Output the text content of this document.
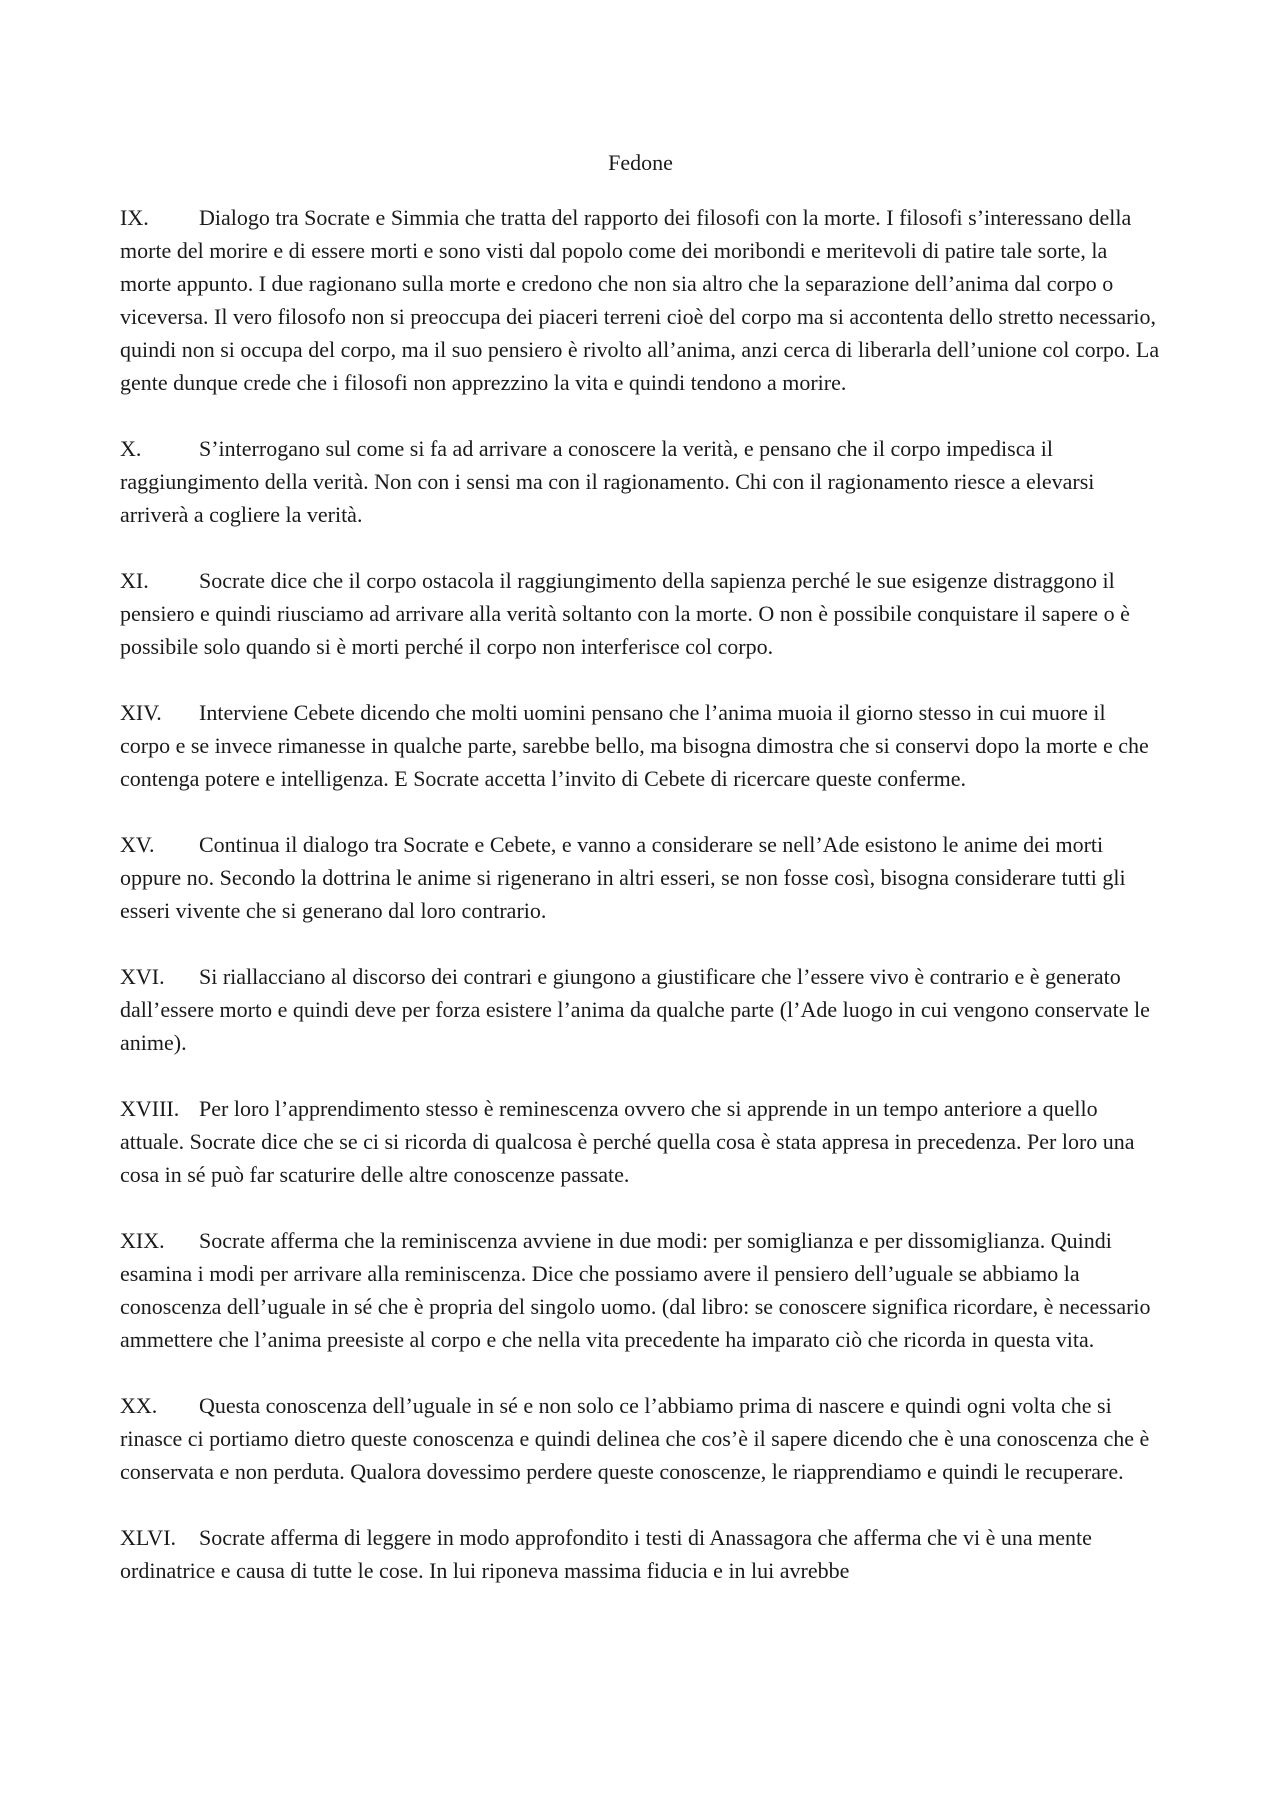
Fedone

IX. Dialogo tra Socrate e Simmia che tratta del rapporto dei filosofi con la morte. I filosofi s’interessano della morte del morire e di essere morti e sono visti dal popolo come dei moribondi e meritevoli di patire tale sorte, la morte appunto. I due ragionano sulla morte e credono che non sia altro che la separazione dell’anima dal corpo o viceversa. Il vero filosofo non si preoccupa dei piaceri terreni cioè del corpo ma si accontenta dello stretto necessario, quindi non si occupa del corpo, ma il suo pensiero è rivolto all’anima, anzi cerca di liberarla dell’unione col corpo. La gente dunque crede che i filosofi non apprezzino la vita e quindi tendono a morire.

X.	S’interrogano sul come si fa ad arrivare a conoscere la verità, e pensano che il corpo impedisca il raggiungimento della verità. Non con i sensi ma con il ragionamento. Chi con il ragionamento riesce a elevarsi arriverà a cogliere la verità.

XI. Socrate dice che il corpo ostacola il raggiungimento della sapienza perché le sue esigenze distraggono il pensiero e quindi riusciamo ad arrivare alla verità soltanto con la morte. O non è possibile conquistare il sapere o è possibile solo quando si è morti perché il corpo non interferisce col corpo.

XIV. Interviene Cebete dicendo che molti uomini pensano che l’anima muoia il giorno stesso in cui muore il corpo e se invece rimanesse in qualche parte, sarebbe bello, ma bisogna dimostra che si conservi dopo la morte e che contenga potere e intelligenza. E Socrate accetta l’invito di Cebete di ricercare queste conferme.

XV. Continua il dialogo tra Socrate e Cebete, e vanno a considerare se nell’Ade esistono le anime dei morti oppure no. Secondo la dottrina le anime si rigenerano in altri esseri, se non fosse così, bisogna considerare tutti gli esseri vivente che si generano dal loro contrario.

XVI. Si riallacciano al discorso dei contrari e giungono a giustificare che l’essere vivo è contrario e è generato dall’essere morto e quindi deve per forza esistere l’anima da qualche parte (l’Ade luogo in cui vengono conservate le anime).

XVIII. Per loro l’apprendimento stesso è reminescenza ovvero che si apprende in un tempo anteriore a quello attuale. Socrate dice che se ci si ricorda di qualcosa è perché quella cosa è stata appresa in precedenza. Per loro una cosa in sé può far scaturire delle altre conoscenze passate.

XIX. Socrate afferma che la reminiscenza avviene in due modi: per somiglianza e per dissomiglianza. Quindi esamina i modi per arrivare alla reminiscenza. Dice che possiamo avere il pensiero dell’uguale se abbiamo la conoscenza dell’uguale in sé che è propria del singolo uomo. (dal libro: se conoscere significa ricordare, è necessario ammettere che l’anima preesiste al corpo e che nella vita precedente ha imparato ciò che ricorda in questa vita.

XX. Questa conoscenza dell’uguale in sé e non solo ce l’abbiamo prima di nascere e quindi ogni volta che si rinasce ci portiamo dietro queste conoscenza e quindi delinea che cos’è il sapere dicendo che è una conoscenza che è conservata e non perduta. Qualora dovessimo perdere queste conoscenze, le riapprendiamo e quindi le recuperare.

XLVI. Socrate afferma di leggere in modo approfondito i testi di Anassagora che afferma che vi è una mente ordinatrice e causa di tutte le cose. In lui riponeva massima fiducia e in lui avrebbe
